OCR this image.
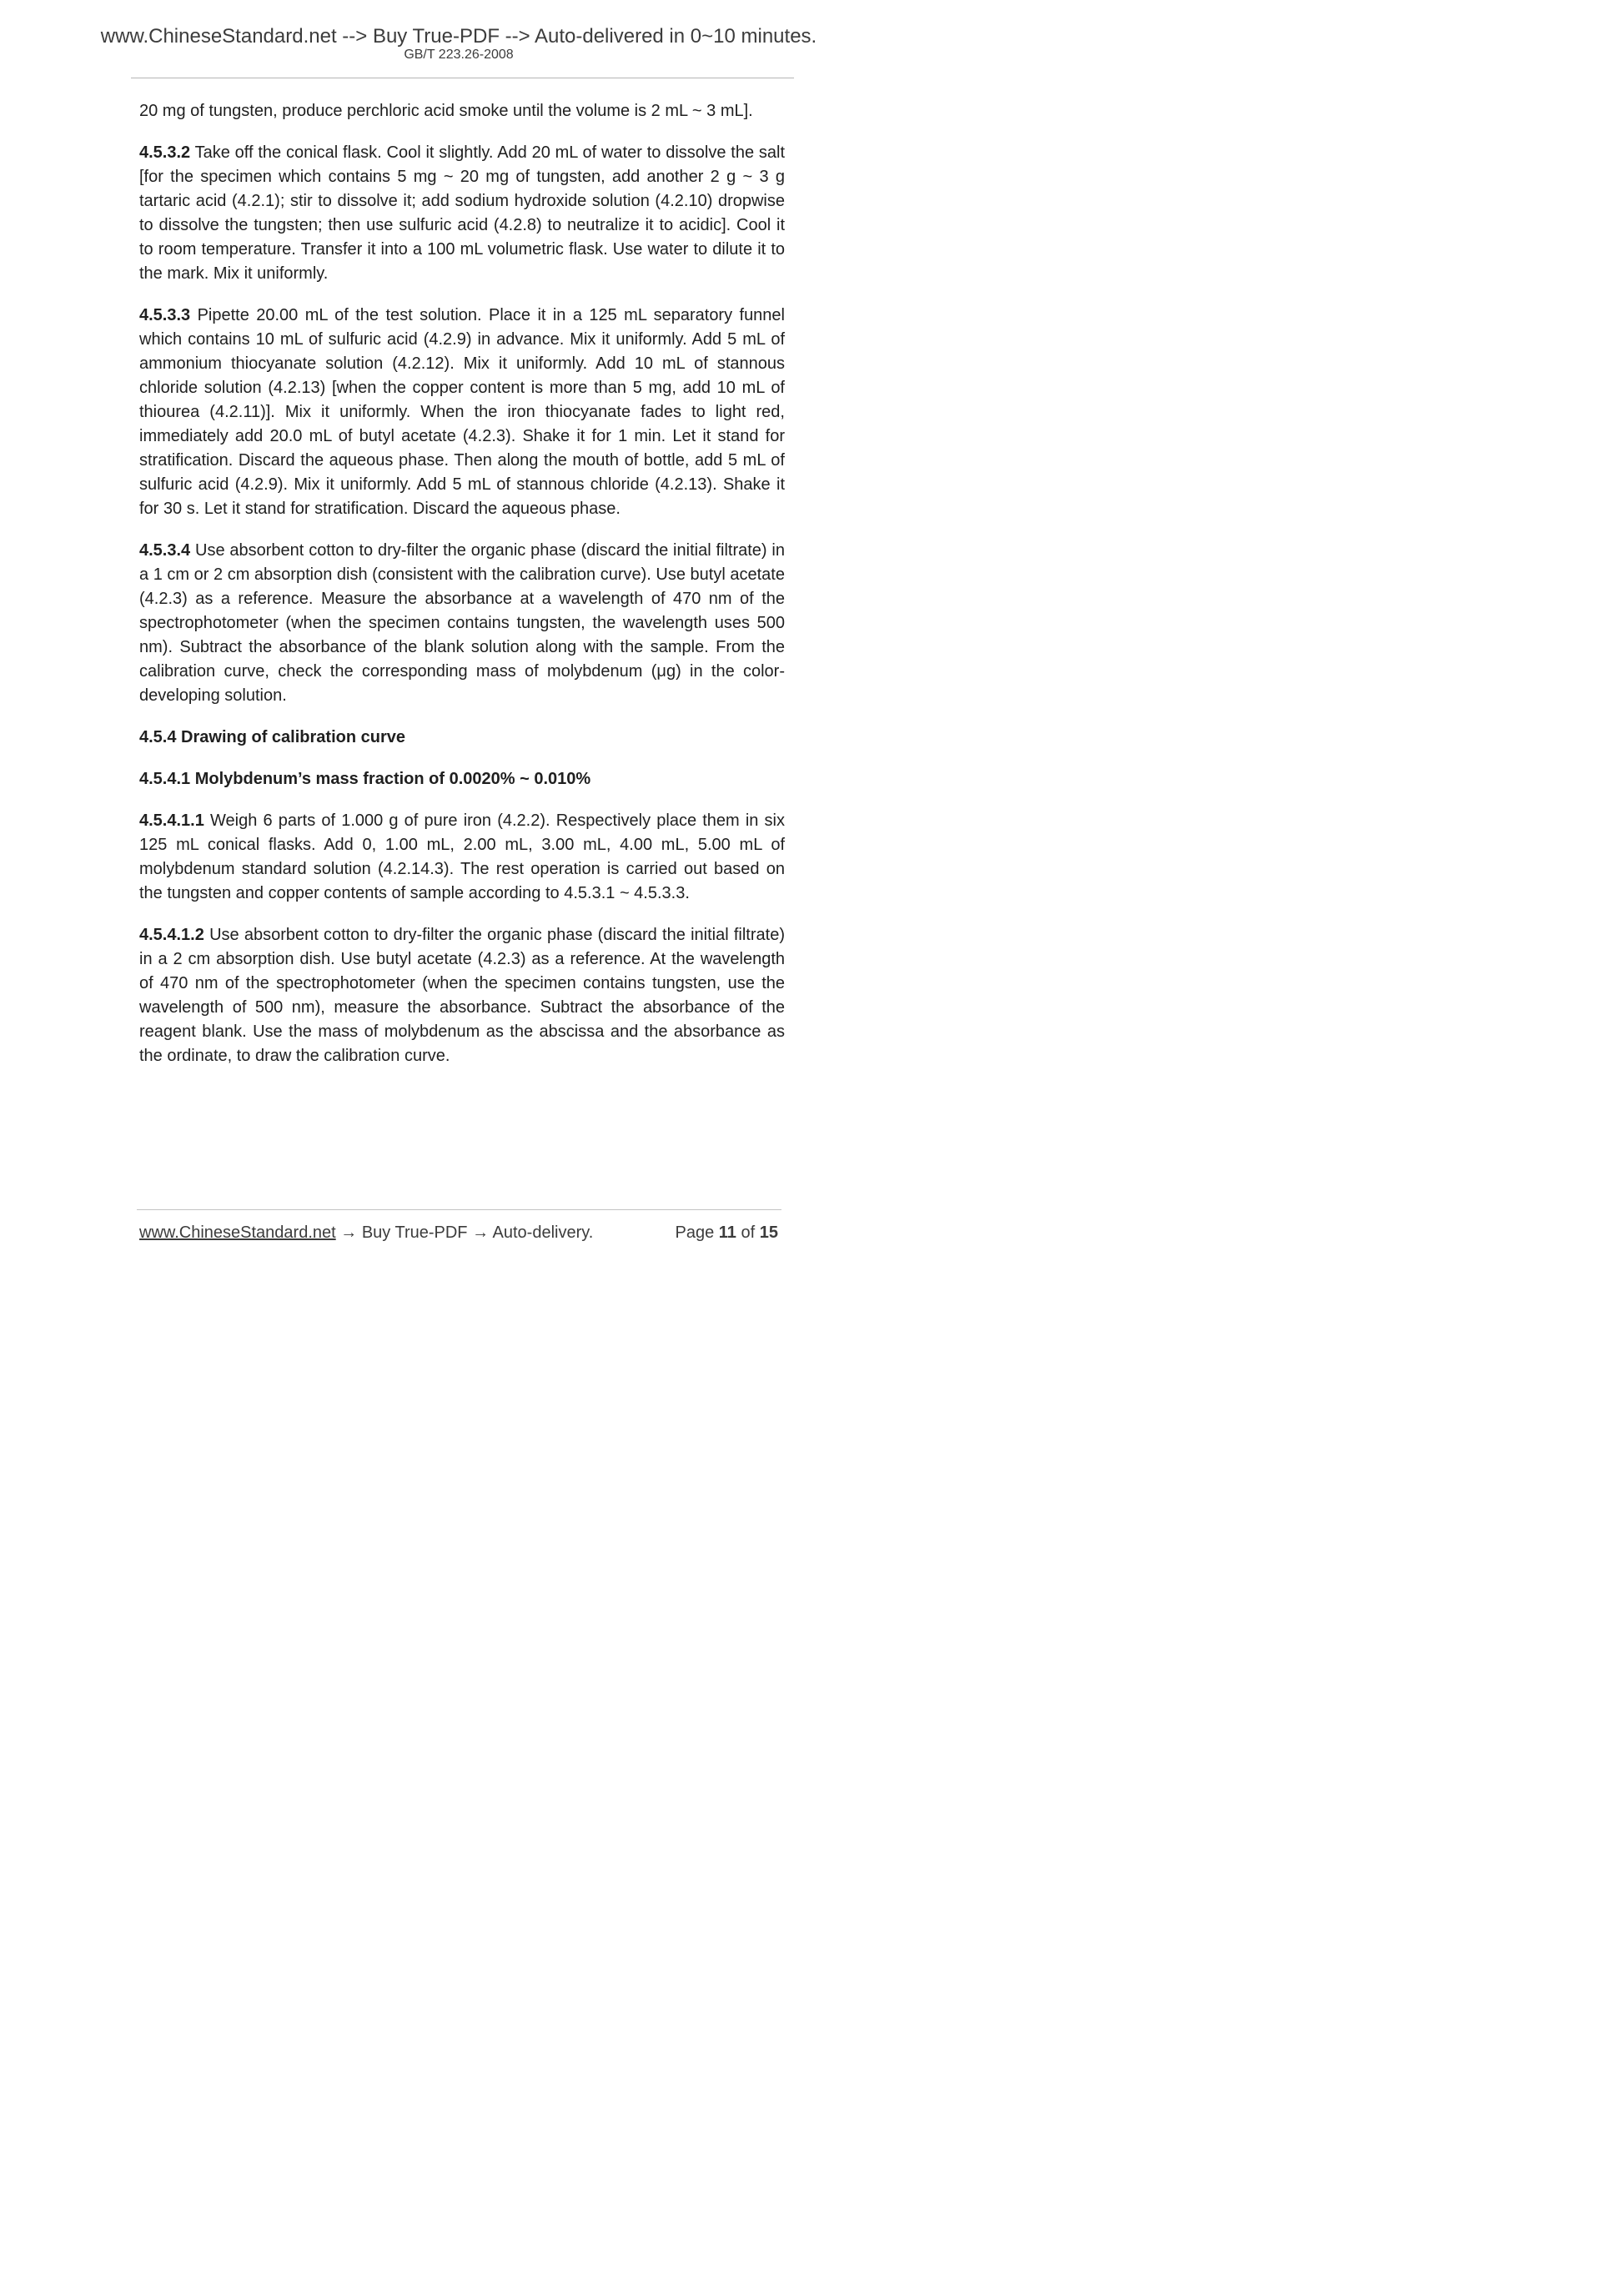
www.ChineseStandard.net --> Buy True-PDF --> Auto-delivered in 0~10 minutes.
GB/T 223.26-2008

20 mg of tungsten, produce perchloric acid smoke until the volume is 2 mL ~ 3 mL].

4.5.3.2 Take off the conical flask. Cool it slightly. Add 20 mL of water to dissolve the salt [for the specimen which contains 5 mg ~ 20 mg of tungsten, add another 2 g ~ 3 g tartaric acid (4.2.1); stir to dissolve it; add sodium hydroxide solution (4.2.10) dropwise to dissolve the tungsten; then use sulfuric acid (4.2.8) to neutralize it to acidic]. Cool it to room temperature. Transfer it into a 100 mL volumetric flask. Use water to dilute it to the mark. Mix it uniformly.

4.5.3.3 Pipette 20.00 mL of the test solution. Place it in a 125 mL separatory funnel which contains 10 mL of sulfuric acid (4.2.9) in advance. Mix it uniformly. Add 5 mL of ammonium thiocyanate solution (4.2.12). Mix it uniformly. Add 10 mL of stannous chloride solution (4.2.13) [when the copper content is more than 5 mg, add 10 mL of thiourea (4.2.11)]. Mix it uniformly. When the iron thiocyanate fades to light red, immediately add 20.0 mL of butyl acetate (4.2.3). Shake it for 1 min. Let it stand for stratification. Discard the aqueous phase. Then along the mouth of bottle, add 5 mL of sulfuric acid (4.2.9). Mix it uniformly. Add 5 mL of stannous chloride (4.2.13). Shake it for 30 s. Let it stand for stratification. Discard the aqueous phase.

4.5.3.4 Use absorbent cotton to dry-filter the organic phase (discard the initial filtrate) in a 1 cm or 2 cm absorption dish (consistent with the calibration curve). Use butyl acetate (4.2.3) as a reference. Measure the absorbance at a wavelength of 470 nm of the spectrophotometer (when the specimen contains tungsten, the wavelength uses 500 nm). Subtract the absorbance of the blank solution along with the sample. From the calibration curve, check the corresponding mass of molybdenum (μg) in the color-developing solution.

4.5.4 Drawing of calibration curve

4.5.4.1 Molybdenum’s mass fraction of 0.0020% ~ 0.010%

4.5.4.1.1 Weigh 6 parts of 1.000 g of pure iron (4.2.2). Respectively place them in six 125 mL conical flasks. Add 0, 1.00 mL, 2.00 mL, 3.00 mL, 4.00 mL, 5.00 mL of molybdenum standard solution (4.2.14.3). The rest operation is carried out based on the tungsten and copper contents of sample according to 4.5.3.1 ~ 4.5.3.3.

4.5.4.1.2 Use absorbent cotton to dry-filter the organic phase (discard the initial filtrate) in a 2 cm absorption dish. Use butyl acetate (4.2.3) as a reference. At the wavelength of 470 nm of the spectrophotometer (when the specimen contains tungsten, use the wavelength of 500 nm), measure the absorbance. Subtract the absorbance of the reagent blank. Use the mass of molybdenum as the abscissa and the absorbance as the ordinate, to draw the calibration curve.

www.ChineseStandard.net → Buy True-PDF → Auto-delivery.	Page 11 of 15
